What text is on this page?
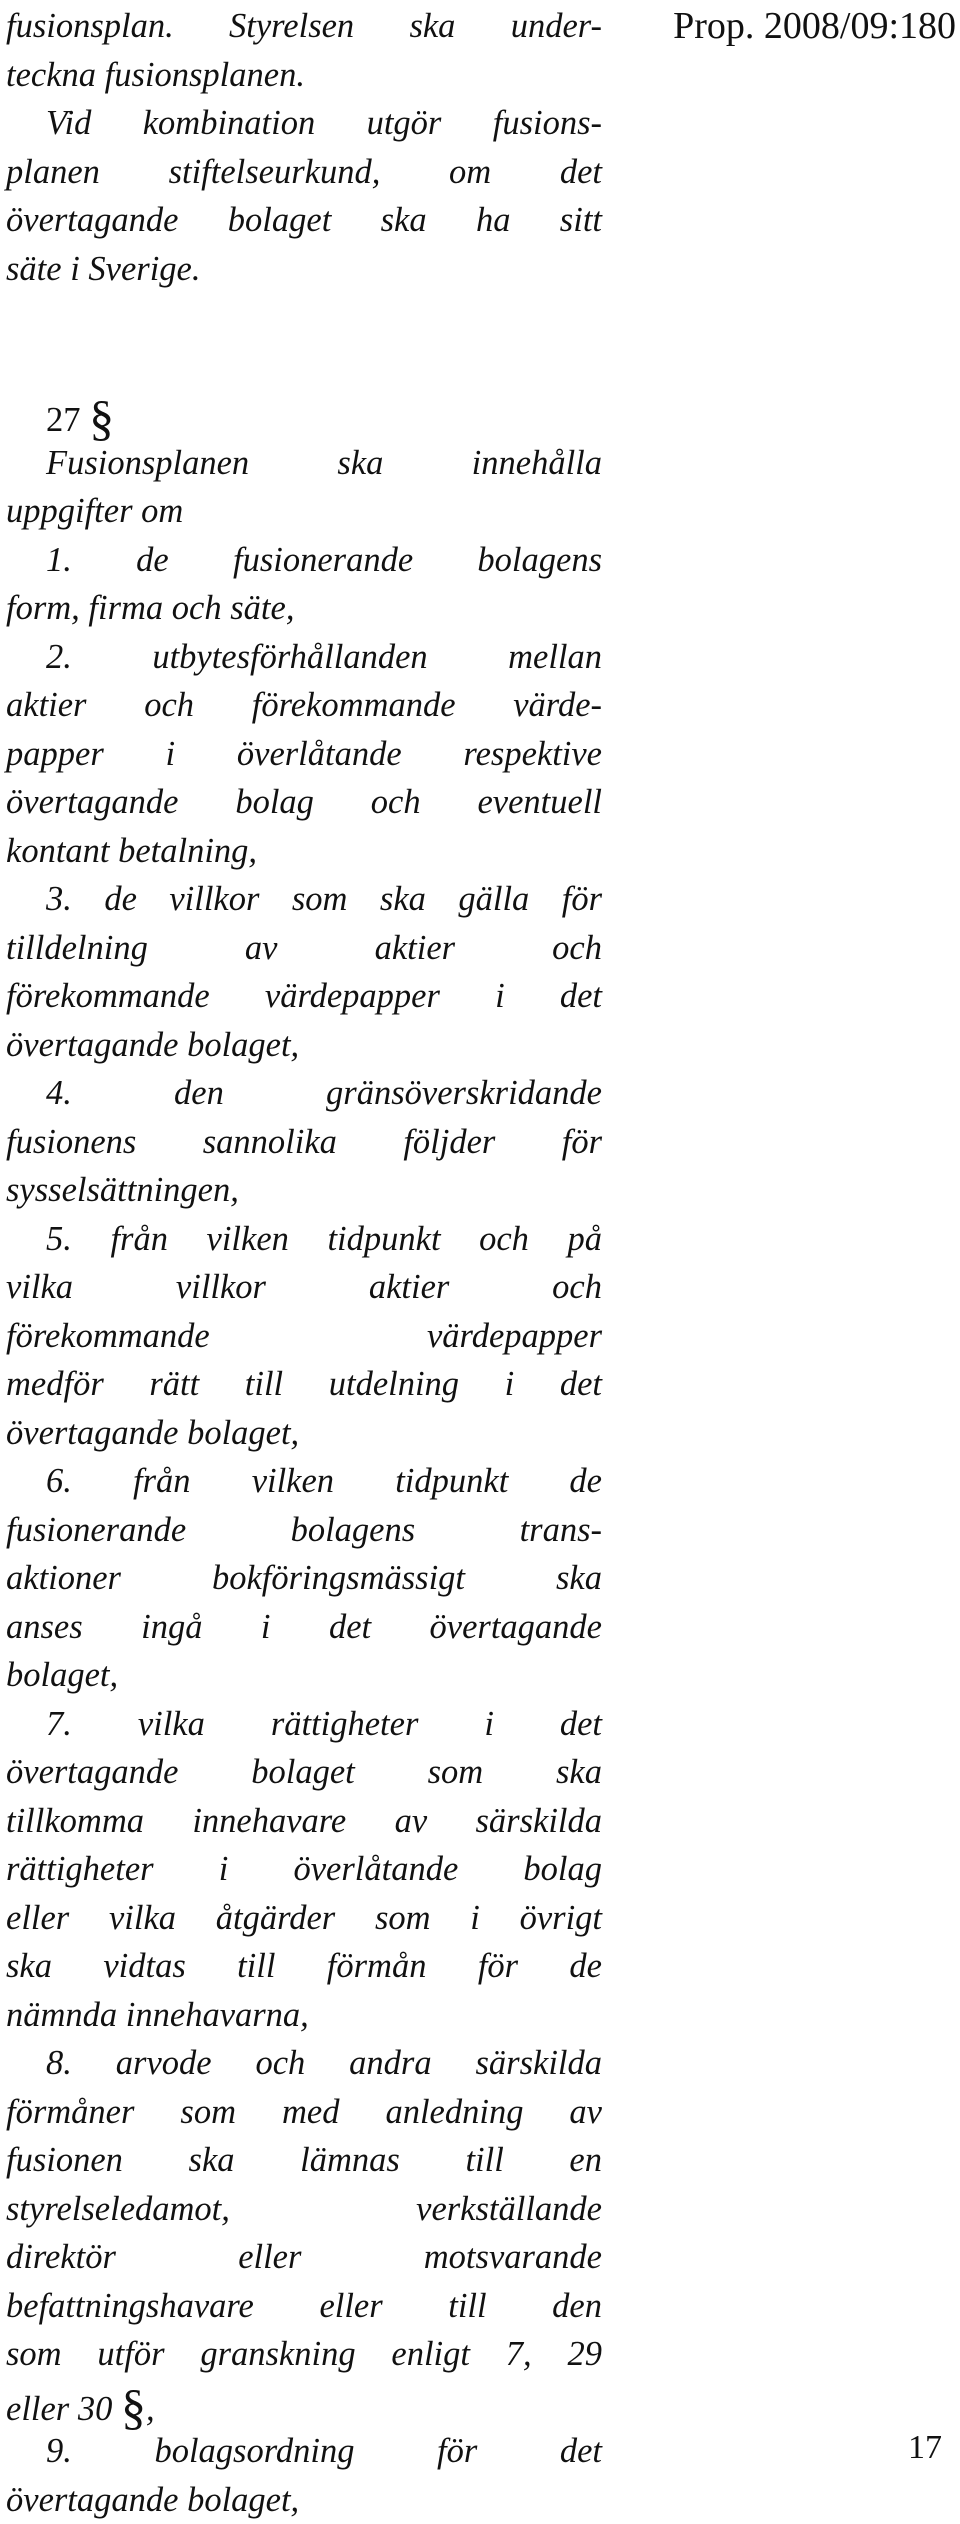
Prop. 2008/09:180
fusionsplan. Styrelsen ska under-
teckna fusionsplanen.
Vid kombination utgör fusions-
planen stiftelseurkund, om det
övertagande bolaget ska ha sitt
säte i Sverige.
27 §
Fusionsplanen ska innehålla
uppgifter om
1. de fusionerande bolagens
form, firma och säte,
2. utbytesförhållanden mellan
aktier och förekommande värde-
papper i överlåtande respektive
övertagande bolag och eventuell
kontant betalning,
3. de villkor som ska gälla för
tilldelning av aktier och
förekommande värdepapper i det
övertagande bolaget,
4.	den gränsöverskridande
fusionens sannolika följder för
sysselsättningen,
5. från vilken tidpunkt och på
vilka villkor aktier och
förekommande värdepapper
medför rätt till utdelning i det
övertagande bolaget,
6. från vilken tidpunkt de
fusionerande bolagens trans-
aktioner bokföringsmässigt ska
anses ingå i det övertagande
bolaget,
7. vilka rättigheter i det
övertagande bolaget som ska
tillkomma innehavare av särskilda
rättigheter i överlåtande bolag
eller vilka åtgärder som i övrigt
ska vidtas till förmån för de
nämnda innehavarna,
8. arvode och andra särskilda
förmåner som med anledning av
fusionen ska lämnas till en
styrelseledamot, verkställande
direktör eller motsvarande
befattningshavare eller till den
som utför granskning enligt 7, 29
eller 30 §,
9. bolagsordning för det
övertagande bolaget,
17
